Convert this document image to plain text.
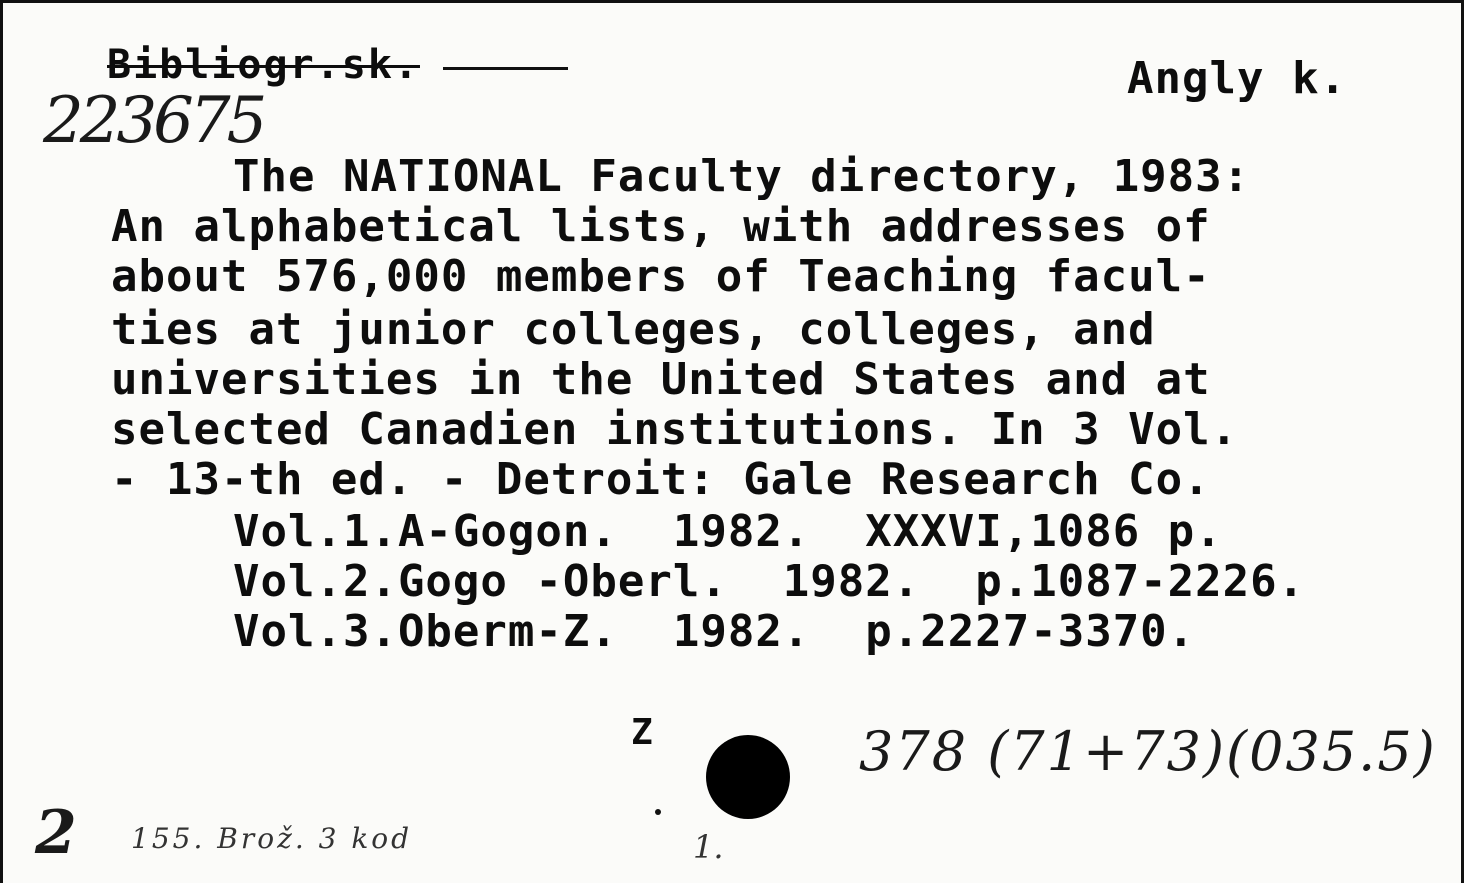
Bibliogr.sk.	Angly k.
223675
The NATIONAL Faculty directory, 1983:
An alphabetical lists, with addresses of
about 576,000 members of Teaching facul-
ties at junior colleges, colleges, and
universities in the United States and at
selected Canadien institutions. In 3 Vol.
- 13-th ed. - Detroit: Gale Research Co.
Vol.1.A-Gogon.  1982.  XXXVI,1086 p.
Vol.2.Gogo -Oberl.  1982.  p.1087-2226.
Vol.3.Oberm-Z.  1982.  p.2227-3370.
Z	378 (71+73)(035.5)
2 155. Brož. 3 kod	1.
